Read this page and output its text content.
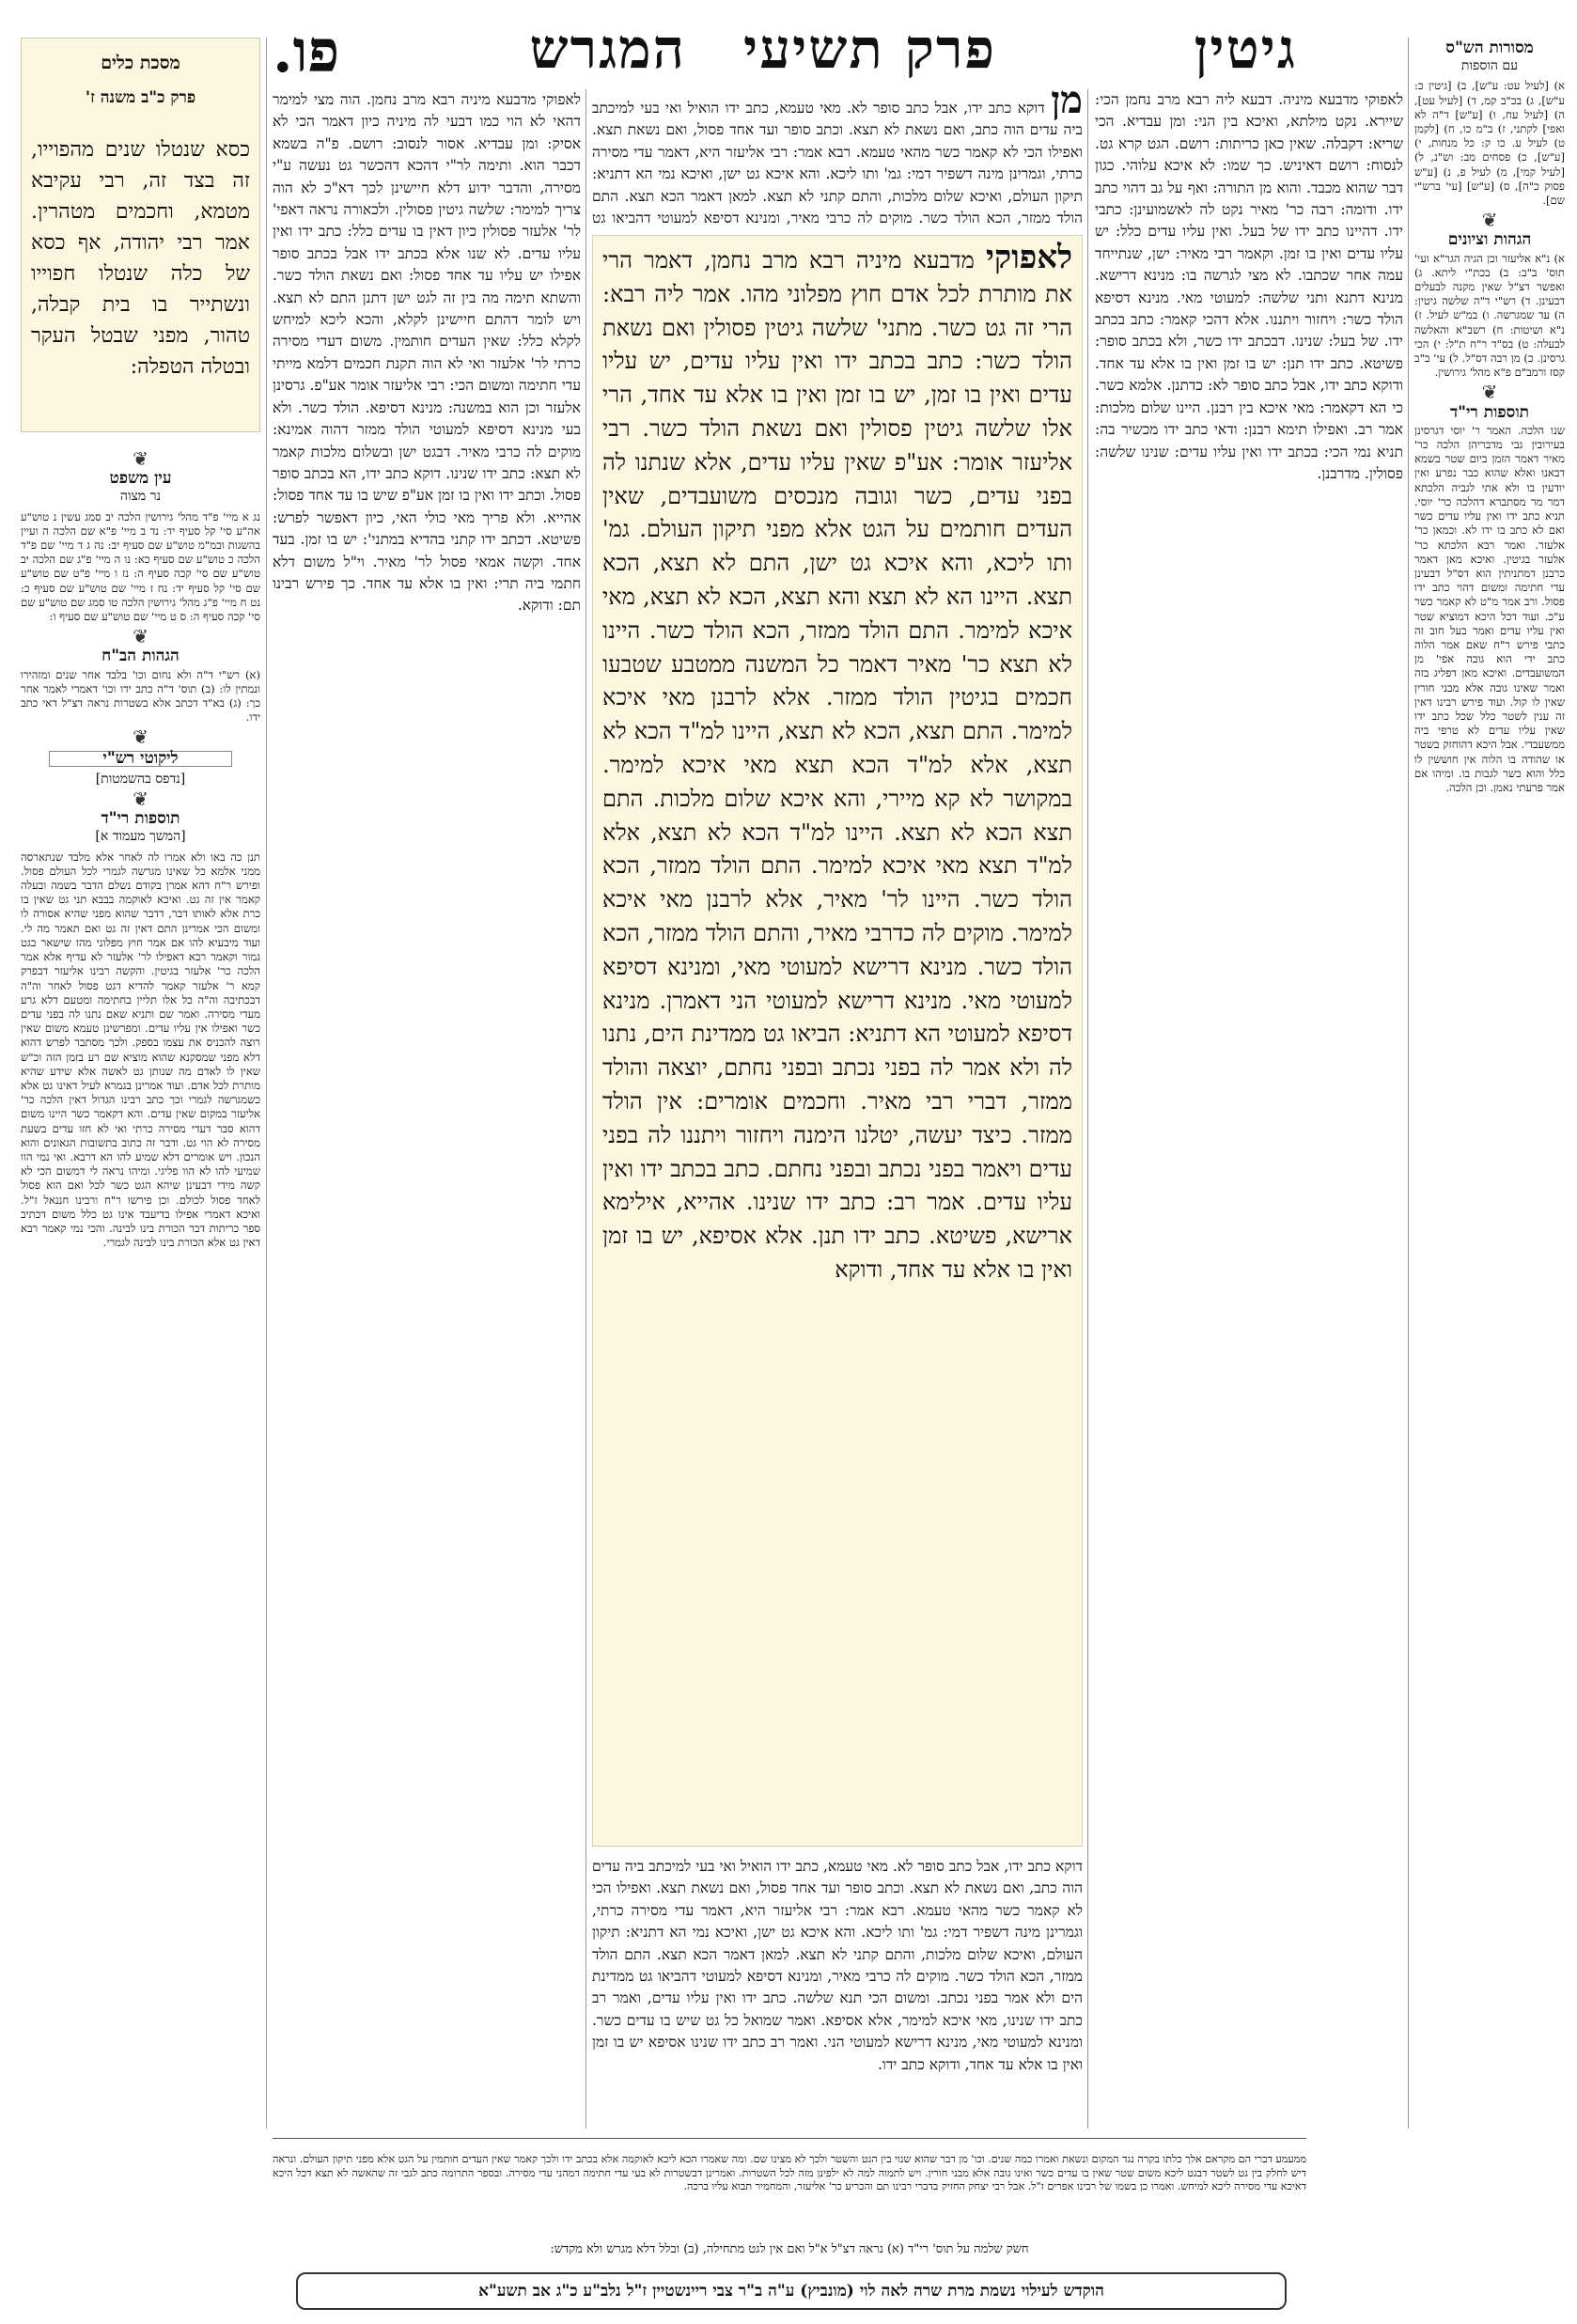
גיטין
פרק תשיעי
המגרש
פו.	מסורות הש"ס
עם הוספות

א) [לעיל עט: ע"ש], ב) [גיטין כ: ע"ש], ג) בכ"ב קמ, ד) [לעיל עט], ה) [לעיל עח, ו) [ע"ש] ד"ה לא ואפי] לקתני, ז) ב"מ כו, ח) [לקמן ט) לעיל ע. כו ק: כל מנחות, י) [ע"ש], כ) פסחים מב: וש"נ, ל) [לעיל קמי], מ) לעיל פ, נ) [ע"ש פסוק כ"ה], ס) [ע"ש] [עי' ברש"י שם].

❦
הגהות וציונים

א) נ"א אליעזר וכן הגיה הגר"א ועי' תוס' ב"ב: ב) בכת"י ליתא. ג) ואפשר דצ"ל שאין מקנה לבעלים דבעינן. ד) רש"י ד"ה שלשה גיטין: ה) עד שמגרשה. ו) במ"ש לעיל. ז) נ"א ושיטות: ח) רשב"א והאלשה לבעלה: ט) בס"ד ר"ח ת"ל: י) הכי גרסינן. כ) מן רבה דס"ל. ל) עי' ב"ב קסז ורמב"ם פ"א מהל' גירושין.

❦
תוספות רי"ד

שנו הלכה. האמר ר' יוסי דגרסינן בעירובין גבי מדבריהן הלכה כר' מאיר דאמר הזמן ביום שטר בשמא דבאנו ואלא שהוא כבר נפרע ואין יודעין בו ולא אתי לגביה הלכתא דמר מר מסתברא דהלכה כר' יוסי. תניא כתב ידו ואין עליו עדים כשר ואם לא כתב בו ידו לא. וכמאן כר' אלעזר. ואמר רבא הלכתא כר' אלעזר בגיטין. ואיכא מאן דאמר כרבנן דמתניתין הוא דס"ל דבעינן עדי חתימה ומשום דהוי כתב ידו פסול. ורב אמר מ"ט לא קאמר כשר ע"כ. ועוד דכל היכא דמוציא שטר ואין עליו עדים ואמר בעל חוב זה כתבי פירש ר"ח שאם אמר הלוה כתב ידי הוא גובה אפי' מן המשועבדים. ואיכא מאן דפליג בזה ואמר שאינו גובה אלא מבני חורין שאין לו קול. ועוד פירש רבינו דאין זה ענין לשטר כלל שכל כתב ידו שאין עליו עדים לא טרפי ביה ממשעבדי. אבל היכא דהוחזק בשטר או שהודה בו הלוה אין חוששין לו כלל והוא כשר לגבות בו. ומיהו אם אמר פרעתי נאמן. וכן הלכה.

מסכת כלים
פרק כ"ב משנה ז'

כסא שנטלו שנים מהפוייו, זה בצד זה, רבי עקיבא מטמא, וחכמים מטהרין. אמר רבי יהודה, אף כסא של כלה שנטלו חפוייו ונשתייר בו בית קבלה, טהור, מפני שבטל העקר ובטלה הטפלה:

❦
עין משפט
נר מצוה

נג א מיי' פ"ד מהל' גירושין הלכה יב סמג עשין נ טוש"ע אה"ע סי' קל סעיף יד: נד ב מיי' פ"א שם הלכה ה ועיין בהשגות ובמ"מ טוש"ע שם סעיף יב: נה ג ד מיי' שם פ"ד הלכה כ טוש"ע שם סעיף כא: נו ה מיי' פ"ג שם הלכה יב טוש"ע שם סי' קכה סעיף ה: נז ו מיי' פ"ט שם טוש"ע שם סי' קל סעיף יד: נח ז מיי' שם טוש"ע שם סעיף כ: נט ח מיי' פ"ג מהל' גירושין הלכה טו סמג שם טוש"ע שם סי' קכה סעיף ה: ס ט מיי' שם טוש"ע שם סעיף ו:

❦
הגהות הב"ח

(א) רש"י ד"ה ולא נחום וכו' בלבד אחר שנים ומזהירו ונמתין לו: (ב) תוס' ד"ה כתב ידו וכו' דאמרי לאמר אחר כך: (ג) בא"ד דכתב אלא בשטרות נראה דצ"ל דאי כתב ידו.

❦
ליקוטי רש"י
[נדפס בהשמטות]
❦
תוספות רי"ד
[המשך מעמוד א]

תנן כה באו ולא אמרו לה לאחר אלא מלבד שנתארסה ממני אלמא כל שאינו מגרשה לגמרי לכל העולם פסול. ופירש ר"ח דהא אמרן בקודם נשלם הדבר בשמה ובעלה קאמר אין זה גט. ואיכא לאוקמה בבבא תני גט שאין בו כרת אלא לאותו דבר, דדבר שהוא מפני שהיא אסורה לו ומשום הכי אמרינן התם דאין זה גט ואם תאמר מה לי. ועוד מיבעיא להו אם אמר חוץ מפלוני מהו שישאר בגט גמור וקאמר רבא דאפילו לר' אלעזר לא עדיף אלא אמר הלכה כר' אלעזר בגיטין. והקשה רבינו אליעזר דבפרק קמא ר' אלעזר קאמר להדיא דגט פסול לאחר וה"ה דבכתיבה וה"ה כל אלו תליין בחתימה ומטעם דלא גרע מעדי מסירה. ואמר שם ותניא שאם נתנו לה בפני עדים כשר ואפילו אין עליו עדים. ומפרשינן טעמא משום שאין רוצה להכניס את עצמו בספק. ולכך מסתבר לפרש דהוא דלא מפני שמסקנא שהוא מוציא שם רע בזמן הזה וכ"ש שאין לו לאדם מה שנותן גט לאשה אלא שידע שהיא מותרת לכל אדם. ועוד אמרינן בגמרא לעיל דאינו גט אלא כשמגרשה לגמרי וכך כתב רבינו הגדול דאין הלכה כר' אליעזר במקום שאין עדים. והא דקאמר כשר היינו משום דהוא סבר דעדי מסירה כרתי ואי לא חזו עדים בשעת מסירה לא הוי גט. ודבר זה כתוב בתשובות הגאונים והוא הנכון. ויש אומרים דלא שמיע להו הא דרבא. ואי נמי הוו שמיעי להו לא הוו פליגי. ומיהו נראה לי דמשום הכי לא קשה מידי דבעינן שיהא הגט כשר לכל ואם הוא פסול לאחד פסול לכולם. וכן פירשו ר"ח ורבינו חננאל ז"ל. ואיכא דאמרי אפילו בדיעבד אינו גט כלל משום דכתיב ספר כריתות דבר הכורת בינו לבינה. והכי נמי קאמר רבא דאין גט אלא הכורת בינו לבינה לגמרי.

לאפוקי מדבעא מיניה. דבעא ליה רבא מרב נחמן הכי: שיירא. נקט מילתא, ואיכא בין הני: ומן עבדיא. הכי שריא: דקבלה. שאין כאן כריתות: רושם. הגט קרא גט. לנסוח: רושם דאיניש. כך שמו: לא איכא עלוהי. כגון דבר שהוא מכבד. והוא מן התורה: ואף על גב דהוי כתב ידו. ודומה: רבה כר' מאיר נקט לה לאשמועינן: כתבי ידו. דהיינו כתב ידו של בעל. ואין עליו עדים כלל: יש עליו עדים ואין בו זמן. וקאמר רבי מאיר: ישן, שנתייחד עמה אחר שכתבו. לא מצי לגרשה בו: מנינא דרישא. מנינא דתנא ותני שלשה: למעוטי מאי. מנינא דסיפא הולד כשר: ויחזור ויתננו. אלא דהכי קאמר: כתב בכתב ידו. של בעל: שנינו. דבכתב ידו כשר, ולא בכתב סופר: פשיטא. כתב ידו תנן: יש בו זמן ואין בו אלא עד אחד. ודוקא כתב ידו, אבל כתב סופר לא: כדתנן. אלמא כשר. כי הא דקאמר: מאי איכא בין רבנן. היינו שלום מלכות: אמר רב. ואפילו תימא רבנן: ודאי כתב ידו מכשיר בה: תניא נמי הכי: בכתב ידו ואין עליו עדים: שנינו שלשה: פסולין. מדרבנן.

לאפוקי מדבעא מיניה רבא מרב נחמן. הוה מצי למימר דהאי לא הוי כמו דבעי לה מיניה כיון דאמר הכי לא אסיק: ומן עבדיא. אסור לנסוב: רושם. פ"ה בשמא דכבר הוא. ותימה לר"י דהכא דהכשר גט נעשה ע"י מסירה, והדבר ידוע דלא חיישינן לכך דא"כ לא הוה צריך למימר: שלשה גיטין פסולין. ולכאורה נראה דאפי' לר' אלעזר פסולין כיון דאין בו עדים כלל: כתב ידו ואין עליו עדים. לא שנו אלא בכתב ידו אבל בכתב סופר אפילו יש עליו עד אחד פסול: ואם נשאת הולד כשר. והשתא תימה מה בין זה לגט ישן דתנן התם לא תצא. ויש לומר דהתם חיישינן לקלא, והכא ליכא למיחש לקלא כלל: שאין העדים חותמין. משום דעדי מסירה כרתי לר' אלעזר ואי לא הוה תקנת חכמים דלמא מייתי עדי חתימה ומשום הכי: רבי אליעזר אומר אע"פ. גרסינן אלעזר וכן הוא במשנה: מנינא דסיפא. הולד כשר. ולא בעי מנינא דסיפא למעוטי הולד ממזר דהוה אמינא: מוקים לה כרבי מאיר. דבגט ישן ובשלום מלכות קאמר לא תצא: כתב ידו שנינו. דוקא כתב ידו, הא בכתב סופר פסול. וכתב ידו ואין בו זמן אע"פ שיש בו עד אחד פסול: אהייא. ולא פריך מאי כולי האי, כיון דאפשר לפרש: פשיטא. דכתב ידו קתני בהדיא במתני': יש בו זמן. בעד אחד. וקשה אמאי פסול לר' מאיר. וי"ל משום דלא חתמי ביה תרי: ואין בו אלא עד אחד. כך פירש רבינו תם: ודוקא.

מן דוקא כתב ידו, אבל כתב סופר לא. מאי טעמא, כתב ידו הואיל ואי בעי למיכתב ביה עדים הוה כתב, ואם נשאת לא תצא. וכתב סופר ועד אחד פסול, ואם נשאת תצא. ואפילו הכי לא קאמר כשר מהאי טעמא. רבא אמר: רבי אליעזר היא, דאמר עדי מסירה כרתי, וגמרינן מינה דשפיר דמי: גמ' ותו ליכא. והא איכא גט ישן, ואיכא נמי הא דתניא: תיקון העולם, ואיכא שלום מלכות, והתם קתני לא תצא. למאן דאמר הכא תצא. התם הולד ממזר, הכא הולד כשר. מוקים לה כרבי מאיר, ומנינא דסיפא למעוטי דהביאו גט

לאפוקי מדבעא מיניה רבא מרב נחמן, דאמר הרי את מותרת לכל אדם חוץ מפלוני מהו. אמר ליה רבא: הרי זה גט כשר. מתני' שלשה גיטין פסולין ואם נשאת הולד כשר: כתב בכתב ידו ואין עליו עדים, יש עליו עדים ואין בו זמן, יש בו זמן ואין בו אלא עד אחד, הרי אלו שלשה גיטין פסולין ואם נשאת הולד כשר. רבי אליעזר אומר: אע"פ שאין עליו עדים, אלא שנתנו לה בפני עדים, כשר וגובה מנכסים משועבדים, שאין העדים חותמים על הגט אלא מפני תיקון העולם. גמ' ותו ליכא, והא איכא גט ישן, התם לא תצא, הכא תצא. היינו הא לא תצא והא תצא, הכא לא תצא, מאי איכא למימר. התם הולד ממזר, הכא הולד כשר. היינו לא תצא כר' מאיר דאמר כל המשנה ממטבע שטבעו חכמים בגיטין הולד ממזר. אלא לרבנן מאי איכא למימר. התם תצא, הכא לא תצא, היינו למ"ד הכא לא תצא, אלא למ"ד הכא תצא מאי איכא למימר. במקושר לא קא מיירי, והא איכא שלום מלכות. התם תצא הכא לא תצא. היינו למ"ד הכא לא תצא, אלא למ"ד תצא מאי איכא למימר. התם הולד ממזר, הכא הולד כשר. היינו לר' מאיר, אלא לרבנן מאי איכא למימר. מוקים לה כדרבי מאיר, והתם הולד ממזר, הכא הולד כשר. מנינא דרישא למעוטי מאי, ומנינא דסיפא למעוטי מאי. מנינא דרישא למעוטי הני דאמרן. מנינא דסיפא למעוטי הא דתניא: הביאו גט ממדינת הים, נתנו לה ולא אמר לה בפני נכתב ובפני נחתם, יוצאה והולד ממזר, דברי רבי מאיר. וחכמים אומרים: אין הולד ממזר. כיצד יעשה, יטלנו הימנה ויחזור ויתננו לה בפני עדים ויאמר בפני נכתב ובפני נחתם. כתב בכתב ידו ואין עליו עדים. אמר רב: כתב ידו שנינו. אהייא, אילימא ארישא, פשיטא. כתב ידו תנן. אלא אסיפא, יש בו זמן ואין בו אלא עד אחד, ודוקא

דוקא כתב ידו, אבל כתב סופר לא. מאי טעמא, כתב ידו הואיל ואי בעי למיכתב ביה עדים הוה כתב, ואם נשאת לא תצא. וכתב סופר ועד אחד פסול, ואם נשאת תצא. ואפילו הכי לא קאמר כשר מהאי טעמא. רבא אמר: רבי אליעזר היא, דאמר עדי מסירה כרתי, וגמרינן מינה דשפיר דמי: גמ' ותו ליכא. והא איכא גט ישן, ואיכא נמי הא דתניא: תיקון העולם, ואיכא שלום מלכות, והתם קתני לא תצא. למאן דאמר הכא תצא. התם הולד ממזר, הכא הולד כשר. מוקים לה כרבי מאיר, ומנינא דסיפא למעוטי דהביאו גט ממדינת הים ולא אמר בפני נכתב. ומשום הכי תנא שלשה. כתב ידו ואין עליו עדים, ואמר רב כתב ידו שנינו, מאי איכא למימר, אלא אסיפא. ואמר שמואל כל גט שיש בו עדים כשר. ומנינא למעוטי מאי, מנינא דרישא למעוטי הני. ואמר רב כתב ידו שנינו אסיפא יש בו זמן ואין בו אלא עד אחד, ודוקא כתב ידו.

ממעמע דברי הם מקראם אלך כלתו בקרה נגד המקום ונשאת ואמרו כמה שנים. וכו' מן דבר שהוא שנוי בין הגט והשטר ולכך לא מצינו שם. ומה שאמרו הכא ליכא לאוקמה אלא בכתב ידו ולכך קאמר שאין העדים חותמין על הגט אלא מפני תיקון העולם. ונראה דיש לחלק בין גט לשטר דבגט ליכא משום שטר שאין בו עדים כשר ואינו גובה אלא מבני חורין. ויש לתמוה למה לא ילפינן מזה לכל השטרות. ואמרינן דבשטרות לא בעי עדי חתימה דמהני עדי מסירה. ובספר התרומה כתב לגבי זה שהאשה לא תצא דכל היכא דאיכא עדי מסירה ליכא למיחש. ואמרו כן בשמו של רבינו אפרים ז"ל. אבל רבי יצחק החזיק בדברי רבינו תם והכריע כר' אליעזר, והמחמיר תבוא עליו ברכה.

חשק שלמה על תוס' רי"ד (א) נראה דצ"ל א"ל ואם אין לגט מתחילה, (ב) ובלל דלא מגרש ולא מקדש:
הוקדש לעילוי נשמת מרת שרה לאה לוי (מונביץ) ע"ה ב"ר צבי ריינשטיין ז"ל נלב"ע כ"ג אב תשע"א
